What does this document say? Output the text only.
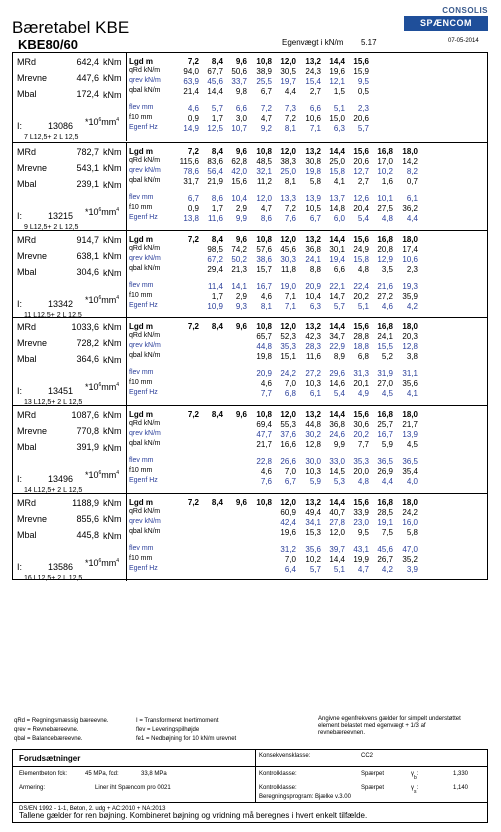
Bæretabel KBE
KBE80/60	Egenvægt i kN/m 5.17
CONSOLIS
SPÆNCOM
07-05-2014
MRd	642,4
Mrevne	447,6
Mbal	172,4
kNm
kNm
kNm
I:	13086 $*10^6mm^4$
7 L12,5+ 2 L 12,5
Lgd m	7,2	8,4	9,6	10,8	12,0	13,2	14,4	15,6
qRd kN/m	94,0	67,7	50,6	38,9	30,5	24,3	19,6	15,9
qrev kN/m	63,9	45,6	33,7	25,5	19,7	15,4	12,1	9,5
qbal kN/m	21,4	14,4	9,8	6,7	4,4	2,7	1,5	0,5
flev mm	4,6	5,7	6,6	7,2	7,3	6,6	5,1	2,3
f10 mm	0,9	1,7	3,0	4,7	7,2	10,6	15,0	20,6
Egenf Hz	14,9	12,5	10,7	9,2	8,1	7,1	6,3	5,7
MRd	782,7
Mrevne	543,1
Mbal	239,1
kNm
kNm
kNm
I:	13215 $*10^6mm^4$
9 L12,5+ 2 L 12,5
Lgd m	7,2	8,4	9,6	10,8	12,0	13,2	14,4	15,6	16,8	18,0
qRd kN/m	115,6	83,6	62,8	48,5	38,3	30,8	25,0	20,6	17,0	14,2
qrev kN/m	78,6	56,4	42,0	32,1	25,0	19,8	15,8	12,7	10,2	8,2
qbal kN/m	31,7	21,9	15,6	11,2	8,1	5,8	4,1	2,7	1,6	0,7
flev mm	6,7	8,6	10,4	12,0	13,3	13,9	13,7	12,6	10,1	6,1
f10 mm	0,9	1,7	2,9	4,7	7,2	10,5	14,8	20,4	27,5	36,2
Egenf Hz	13,8	11,6	9,9	8,6	7,6	6,7	6,0	5,4	4,8	4,4
MRd	914,7
Mrevne	638,1
Mbal	304,6
kNm
kNm
kNm
I:	13342 $*10^6mm^4$
11 L12,5+ 2 L 12,5
Lgd m	7,2	8,4	9,6	10,8	12,0	13,2	14,4	15,6	16,8	18,0
qRd kN/m	98,5	74,2	57,6	45,6	36,8	30,1	24,9	20,8	17,4
qrev kN/m	67,2	50,2	38,6	30,3	24,1	19,4	15,8	12,9	10,6
qbal kN/m	29,4	21,3	15,7	11,8	8,8	6,6	4,8	3,5	2,3
flev mm	11,4	14,1	16,7	19,0	20,9	22,1	22,4	21,6	19,3
f10 mm	1,7	2,9	4,6	7,1	10,4	14,7	20,2	27,2	35,9
Egenf Hz	10,9	9,3	8,1	7,1	6,3	5,7	5,1	4,6	4,2
MRd	1033,6
Mrevne	728,2
Mbal	364,6
kNm
kNm
kNm
I:	13451 $*10^6mm^4$
13 L12,5+ 2 L 12,5
Lgd m	7,2	8,4	9,6	10,8	12,0	13,2	14,4	15,6	16,8	18,0
qRd kN/m	65,7	52,3	42,3	34,7	28,8	24,1	20,3
qrev kN/m	44,8	35,3	28,3	22,9	18,8	15,5	12,8
qbal kN/m	19,8	15,1	11,6	8,9	6,8	5,2	3,8
flev mm	20,9	24,2	27,2	29,6	31,3	31,9	31,1
f10 mm	4,6	7,0	10,3	14,6	20,1	27,0	35,6
Egenf Hz	7,7	6,8	6,1	5,4	4,9	4,5	4,1
MRd	1087,6
Mrevne	770,8
Mbal	391,9
kNm
kNm
kNm
I:	13496 $*10^6mm^4$
14 L12,5+ 2 L 12,5
Lgd m	7,2	8,4	9,6	10,8	12,0	13,2	14,4	15,6	16,8	18,0
qRd kN/m	69,4	55,3	44,8	36,8	30,6	25,7	21,7
qrev kN/m	47,7	37,6	30,2	24,6	20,2	16,7	13,9
qbal kN/m	21,7	16,6	12,8	9,9	7,7	5,9	4,5
flev mm	22,8	26,6	30,0	33,0	35,3	36,5	36,5
f10 mm	4,6	7,0	10,3	14,5	20,0	26,9	35,4
Egenf Hz	7,6	6,7	5,9	5,3	4,8	4,4	4,0
MRd	1188,9
Mrevne	855,6
Mbal	445,8
kNm
kNm
kNm
I:	13586 $*10^6mm^4$
16 L12,5+ 2 L 12,5
Lgd m	7,2	8,4	9,6	10,8	12,0	13,2	14,4	15,6	16,8	18,0
qRd kN/m	60,9	49,4	40,7	33,9	28,5	24,2
qrev kN/m	42,4	34,1	27,8	23,0	19,1	16,0
qbal kN/m	19,6	15,3	12,0	9,5	7,5	5,8
flev mm	31,2	35,6	39,7	43,1	45,6	47,0
f10 mm	7,0	10,2	14,4	19,9	26,7	35,2
Egenf Hz	6,4	5,7	5,1	4,7	4,2	3,9
qRd = Regningsmæssig bæreevne.
qrev = Revnebæreevne.
qbal = Balancebæreevne.
I = Transformeret Inertimoment
flev = Leveringspilhøjde
fe1 = Nedbøjning for 10 kN/m urevnet
Angivne egenfrekvens gælder for simpelt understøttet
element belastet med egenvægt + 1/3 af
revnebæreevnen.
Forudsætninger
Elementbeton fck:	45 MPa, fcd:	33,8 MPa
Armering:	Liner iht Spæncom pro 0021
DS/EN 1992 - 1-1, Beton, 2. udg + AC:2010 + NA:2013
Konsekvensklasse:	CC2
Kontrolklasse:	Spærpet	$\gamma_b$:	1,330
Kontrolklasse:	Spærpet	$\gamma_s$:	1,140
Beregningsprogram: Bjælke v.3.00
Tallene gælder for ren bøjning. Kombineret bøjning og vridning må beregnes i hvert enkelt tilfælde.
